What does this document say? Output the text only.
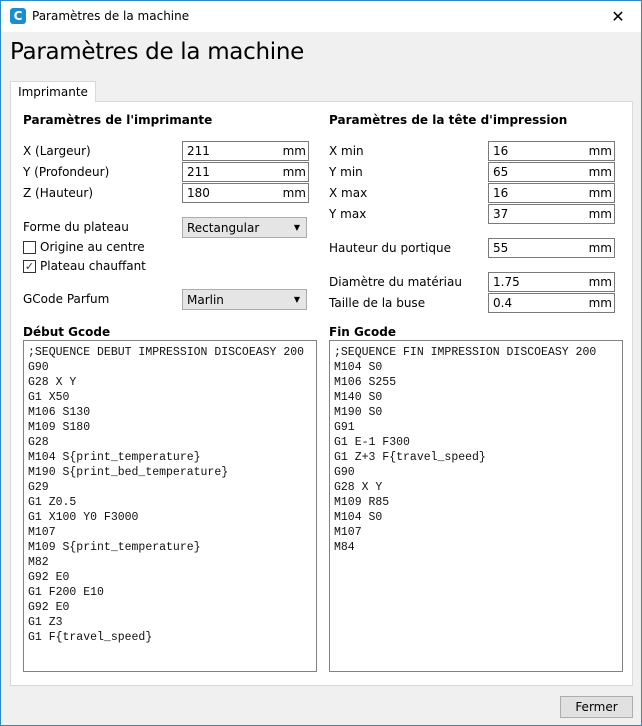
C Paramètres de la machine	✕
Paramètres de la machine
Imprimante
Paramètres de l'imprimante
X (Largeur)	211	mm
Y (Profondeur)	211	mm
Z (Hauteur)	180	mm
Forme du plateau	Rectangular	▼
Origine au centre
✓ Plateau chauffant
GCode Parfum	Marlin	▼
Début Gcode
;SEQUENCE DEBUT IMPRESSION DISCOEASY 200
G90
G28 X Y
G1 X50
M106 S130
M109 S180
G28
M104 S{print_temperature}
M190 S{print_bed_temperature}
G29
G1 Z0.5
G1 X100 Y0 F3000
M107
M109 S{print_temperature}
M82
G92 E0
G1 F200 E10
G92 E0
G1 Z3
G1 F{travel_speed}
Paramètres de la tête d'impression
X min	16	mm
Y min	65	mm
X max	16	mm
Y max	37	mm
Hauteur du portique	55	mm
Diamètre du matériau	1.75	mm
Taille de la buse	0.4	mm
Fin Gcode
;SEQUENCE FIN IMPRESSION DISCOEASY 200
M104 S0
M106 S255
M140 S0
M190 S0
G91
G1 E-1 F300
G1 Z+3 F{travel_speed}
G90
G28 X Y
M109 R85
M104 S0
M107
M84
Fermer
